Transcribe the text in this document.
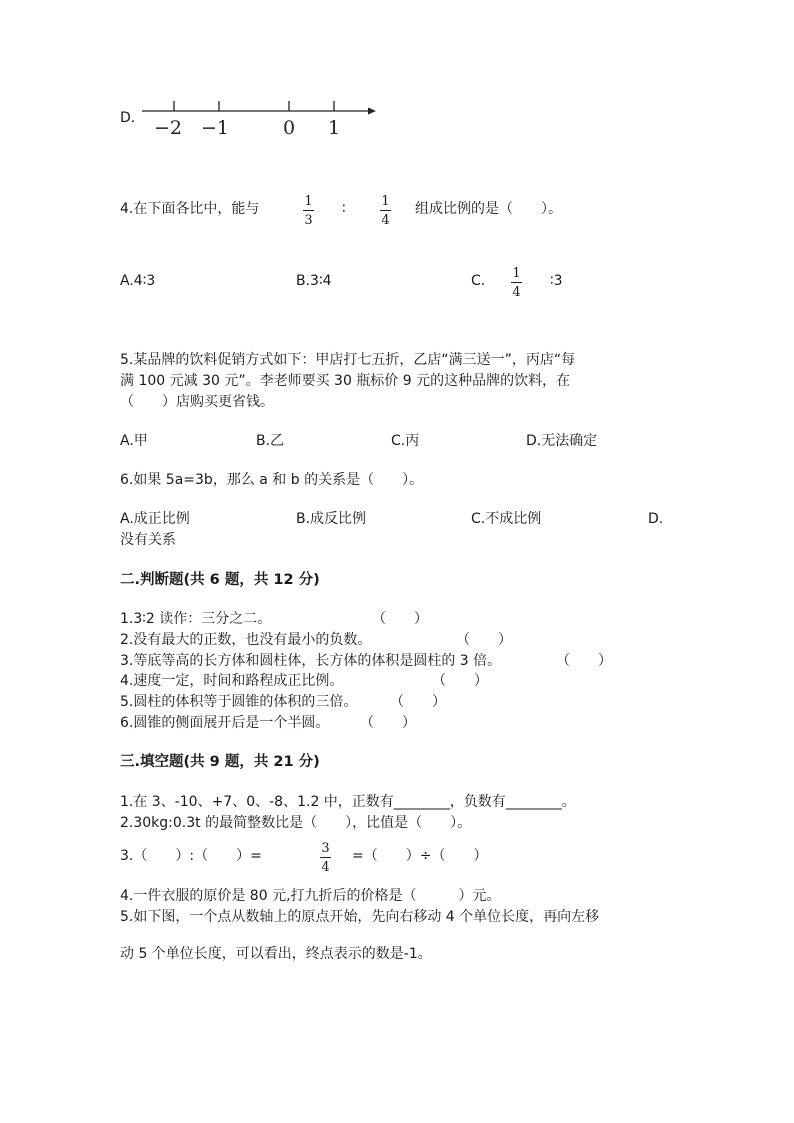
D. −2 −1	0 1
4.在下面各比中，能与	1
3
∶	1
4
组成比例的是（　　）。
A.4∶3	B.3∶4	C. 1
4
∶3
5.某品牌的饮料促销方式如下：甲店打七五折，乙店“满三送一”，丙店“每
满 100 元减 30 元”。李老师要买 30 瓶标价 9 元的这种品牌的饮料，在
（　　）店购买更省钱。
A.甲	B.乙	C.丙	D.无法确定
6.如果 5a=3b，那么 a 和 b 的关系是（　　）。
A.成正比例	B.成反比例	C.不成比例	D.
没有关系
二.判断题(共 6 题，共 12 分)
1.3∶2 读作：三分之二。	（　　）
2.没有最大的正数，也没有最小的负数。	（　　）
3.等底等高的长方体和圆柱体，长方体的体积是圆柱的 3 倍。	（　　）
4.速度一定，时间和路程成正比例。	（　　）
5.圆柱的体积等于圆锥的体积的三倍。 （　　）
6.圆锥的侧面展开后是一个半圆。 （　　）
三.填空题(共 9 题，共 21 分)
1.在 3、-10、+7、0、-8、1.2 中，正数有________，负数有________。
2.30kg:0.3t 的最简整数比是（　　），比值是（　　）。
3.（　　）:（　　）=	3
4
=（　　）÷（　　）
4.一件衣服的原价是 80 元,打九折后的价格是（　　　）元。
5.如下图，一个点从数轴上的原点开始，先向右移动 4 个单位长度，再向左移
动 5 个单位长度，可以看出，终点表示的数是-1。
